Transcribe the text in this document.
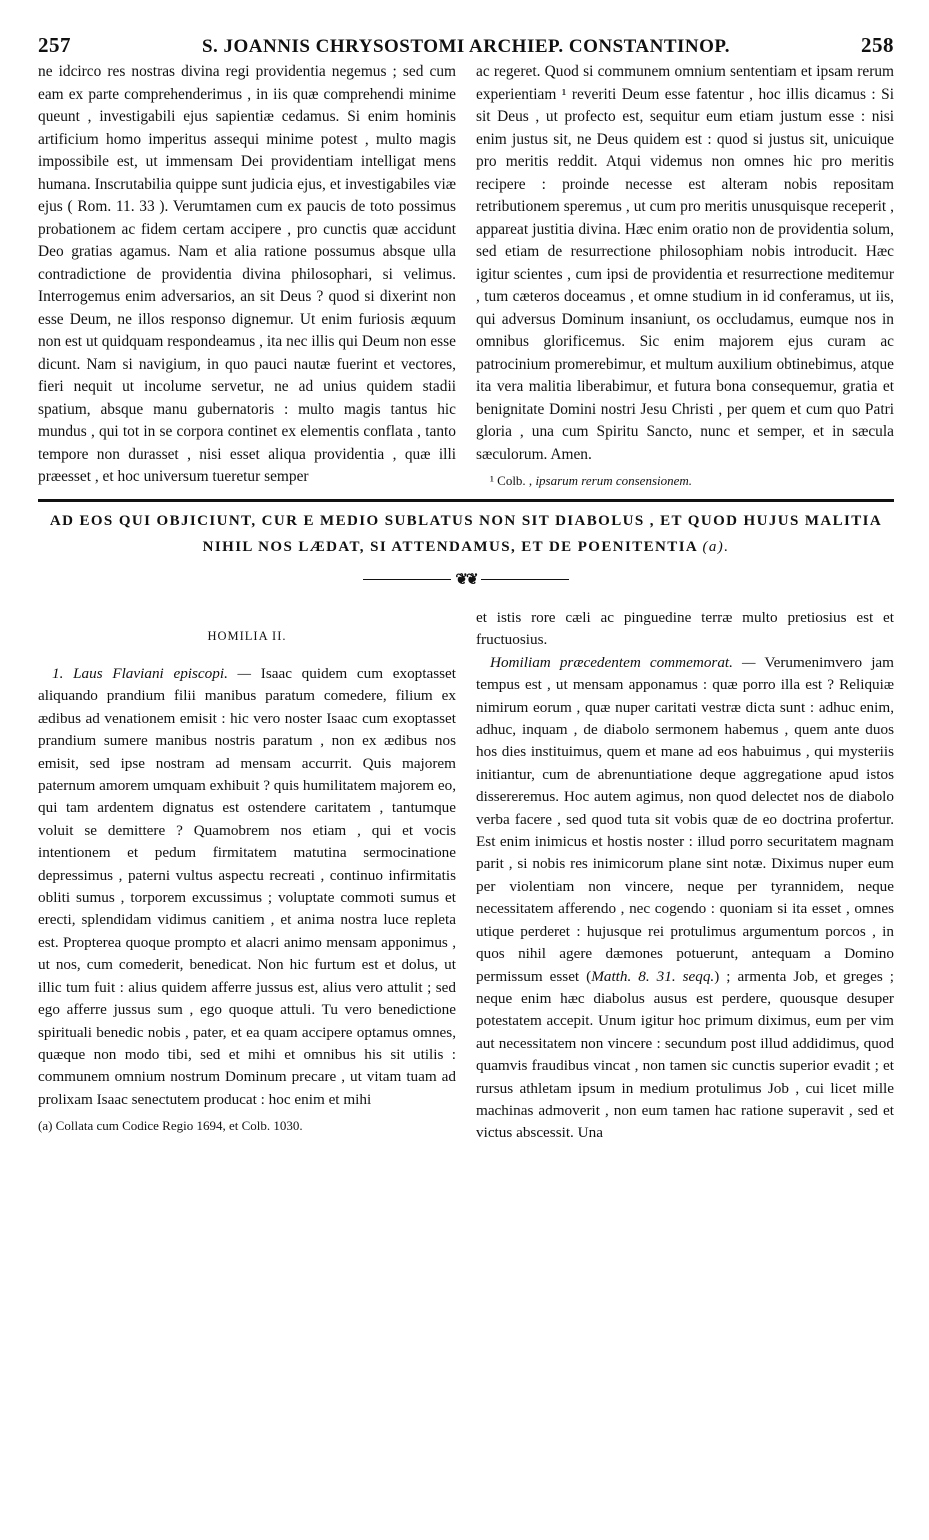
257	S. JOANNIS CHRYSOSTOMI ARCHIEP. CONSTANTINOP.	258

ne idcirco res nostras divina regi providentia negemus ; sed cum eam ex parte comprehenderimus , in iis quæ comprehendi minime queunt , investigabili ejus sapientiæ cedamus. Si enim hominis artificium homo imperitus assequi minime potest , multo magis impossibile est, ut immensam Dei providentiam intelligat mens humana. Inscrutabilia quippe sunt judicia ejus, et investigabiles viæ ejus ( Rom. 11. 33 ). Verumtamen cum ex paucis de toto possimus probationem ac fidem certam accipere , pro cunctis quæ accidunt Deo gratias agamus. Nam et alia ratione possumus absque ulla contradictione de providentia divina philosophari, si velimus. Interrogemus enim adversarios, an sit Deus ? quod si dixerint non esse Deum, ne illos responso dignemur. Ut enim furiosis æquum non est ut quidquam respondeamus , ita nec illis qui Deum non esse dicunt. Nam si navigium, in quo pauci nautæ fuerint et vectores, fieri nequit ut incolume servetur, ne ad unius quidem stadii spatium, absque manu gubernatoris : multo magis tantus hic mundus , qui tot in se corpora continet ex elementis conflata , tanto tempore non durasset , nisi esset aliqua providentia , quæ illi præesset , et hoc universum tueretur semper

ac regeret. Quod si communem omnium sententiam et ipsam rerum experientiam ¹ reveriti Deum esse fatentur , hoc illis dicamus : Si sit Deus , ut profecto est, sequitur eum etiam justum esse : nisi enim justus sit, ne Deus quidem est : quod si justus sit, unicuique pro meritis reddit. Atqui videmus non omnes hic pro meritis recipere : proinde necesse est alteram nobis repositam retributionem speremus , ut cum pro meritis unusquisque receperit , appareat justitia divina. Hæc enim oratio non de providentia solum, sed etiam de resurrectione philosophiam nobis introducit. Hæc igitur scientes , cum ipsi de providentia et resurrectione meditemur , tum cæteros doceamus , et omne studium in id conferamus, ut iis, qui adversus Dominum insaniunt, os occludamus, eumque nos in omnibus glorificemus. Sic enim majorem ejus curam ac patrocinium promerebimur, et multum auxilium obtinebimus, atque ita vera malitia liberabimur, et futura bona consequemur, gratia et benignitate Domini nostri Jesu Christi , per quem et cum quo Patri gloria , una cum Spiritu Sancto, nunc et semper, et in sæcula sæculorum. Amen.

¹ Colb. , ipsarum rerum consensionem.
AD EOS QUI OBJICIUNT, CUR E MEDIO SUBLATUS NON SIT DIABOLUS , ET QUOD HUJUS MALITIA
NIHIL NOS LÆDAT, SI ATTENDAMUS, ET DE POENITENTIA (a).
❦❦
HOMILIA II.

1. Laus Flaviani episcopi. — Isaac quidem cum exoptasset aliquando prandium filii manibus paratum comedere, filium ex ædibus ad venationem emisit : hic vero noster Isaac cum exoptasset prandium sumere manibus nostris paratum , non ex ædibus nos emisit, sed ipse nostram ad mensam accurrit. Quis majorem paternum amorem umquam exhibuit ? quis humilitatem majorem eo, qui tam ardentem dignatus est ostendere caritatem , tantumque voluit se demittere ? Quamobrem nos etiam , qui et vocis intentionem et pedum firmitatem matutina sermocinatione depressimus , paterni vultus aspectu recreati , continuo infirmitatis obliti sumus , torporem excussimus ; voluptate commoti sumus et erecti, splendidam vidimus canitiem , et anima nostra luce repleta est. Propterea quoque prompto et alacri animo mensam apponimus , ut nos, cum comederit, benedicat. Non hic furtum est et dolus, ut illic tum fuit : alius quidem afferre jussus est, alius vero attulit ; sed ego afferre jussus sum , ego quoque attuli. Tu vero benedictione spirituali benedic nobis , pater, et ea quam accipere optamus omnes, quæque non modo tibi, sed et mihi et omnibus his sit utilis : communem omnium nostrum Dominum precare , ut vitam tuam ad prolixam Isaac senectutem producat : hoc enim et mihi

(a) Collata cum Codice Regio 1694, et Colb. 1030.

et istis rore cæli ac pinguedine terræ multo pretiosius est et fructuosius.

Homiliam præcedentem commemorat. — Verumenimvero jam tempus est , ut mensam apponamus : quæ porro illa est ? Reliquiæ nimirum eorum , quæ nuper caritati vestræ dicta sunt : adhuc enim, adhuc, inquam , de diabolo sermonem habemus , quem ante duos hos dies instituimus, quem et mane ad eos habuimus , qui mysteriis initiantur, cum de abrenuntiatione deque aggregatione apud istos dissereremus. Hoc autem agimus, non quod delectet nos de diabolo verba facere , sed quod tuta sit vobis quæ de eo doctrina profertur. Est enim inimicus et hostis noster : illud porro securitatem magnam parit , si nobis res inimicorum plane sint notæ. Diximus nuper eum per violentiam non vincere, neque per tyrannidem, neque necessitatem afferendo , nec cogendo : quoniam si ita esset , omnes utique perderet : hujusque rei protulimus argumentum porcos , in quos nihil agere dæmones potuerunt, antequam a Domino permissum esset (Matth. 8. 31. seqq.) ; armenta Job, et greges ; neque enim hæc diabolus ausus est perdere, quousque desuper potestatem accepit. Unum igitur hoc primum diximus, eum per vim aut necessitatem non vincere : secundum post illud addidimus, quod quamvis fraudibus vincat , non tamen sic cunctis superior evadit ; et rursus athletam ipsum in medium protulimus Job , cui licet mille machinas admoverit , non eum tamen hac ratione superavit , sed et victus abscessit. Una
